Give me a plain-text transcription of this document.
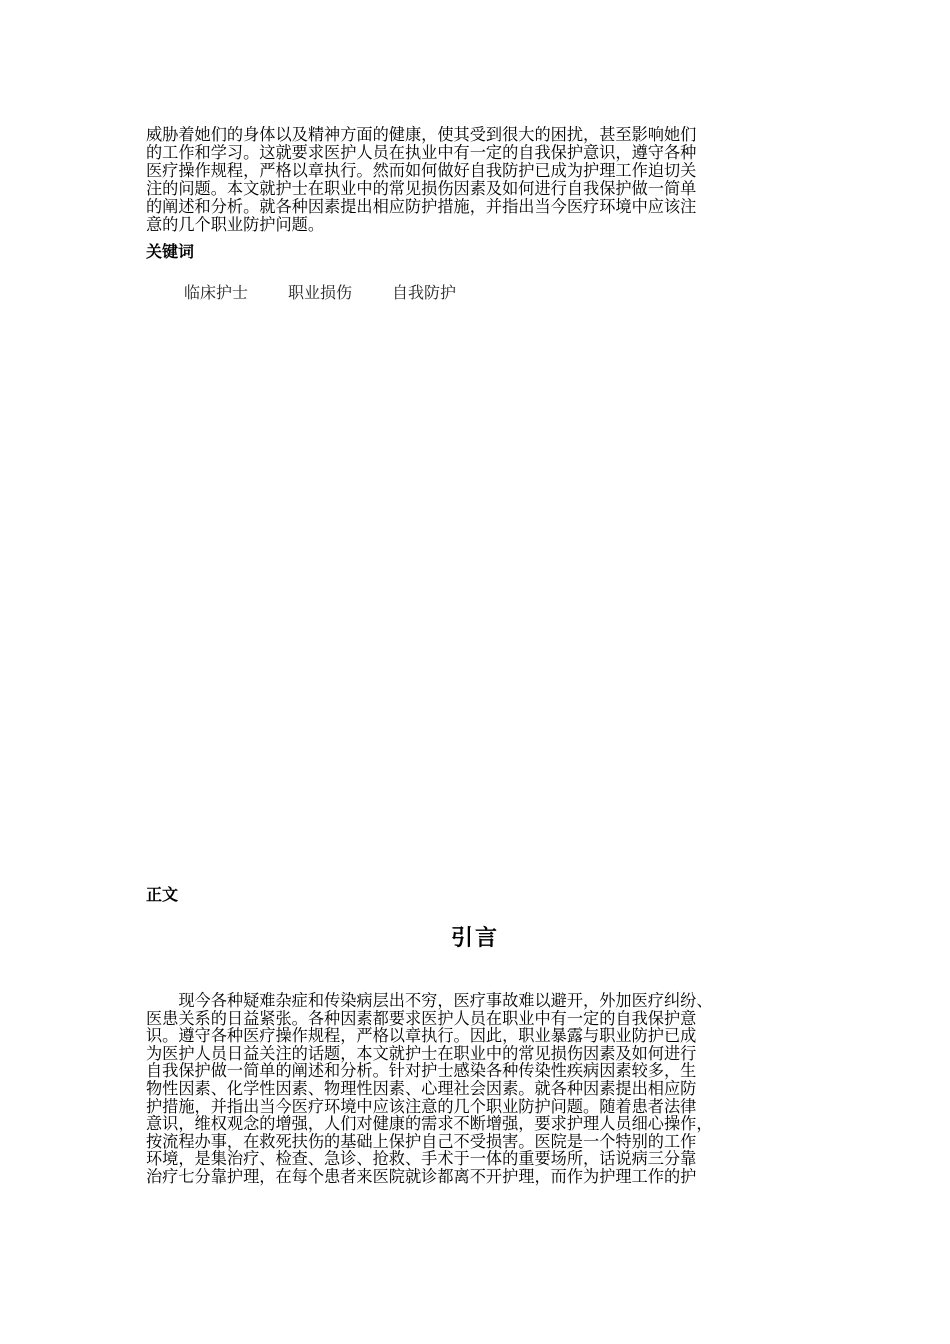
威胁着她们的身体以及精神方面的健康，使其受到很大的困扰，甚至影响她们
的工作和学习。这就要求医护人员在执业中有一定的自我保护意识，遵守各种
医疗操作规程，严格以章执行。然而如何做好自我防护已成为护理工作迫切关
注的问题。本文就护士在职业中的常见损伤因素及如何进行自我保护做一简单
的阐述和分析。就各种因素提出相应防护措施，并指出当今医疗环境中应该注
意的几个职业防护问题。
关键词
临床护士	职业损伤	自我防护
正文
引言
　　现今各种疑难杂症和传染病层出不穷，医疗事故难以避开，外加医疗纠纷、
医患关系的日益紧张。各种因素都要求医护人员在职业中有一定的自我保护意
识。遵守各种医疗操作规程，严格以章执行。因此，职业暴露与职业防护已成
为医护人员日益关注的话题，本文就护士在职业中的常见损伤因素及如何进行
自我保护做一简单的阐述和分析。针对护士感染各种传染性疾病因素较多，生
物性因素、化学性因素、物理性因素、心理社会因素。就各种因素提出相应防
护措施，并指出当今医疗环境中应该注意的几个职业防护问题。随着患者法律
意识，维权观念的增强，人们对健康的需求不断增强，要求护理人员细心操作，
按流程办事，在救死扶伤的基础上保护自己不受损害。医院是一个特别的工作
环境，是集治疗、检查、急诊、抢救、手术于一体的重要场所，话说病三分靠
治疗七分靠护理，在每个患者来医院就诊都离不开护理，而作为护理工作的护
